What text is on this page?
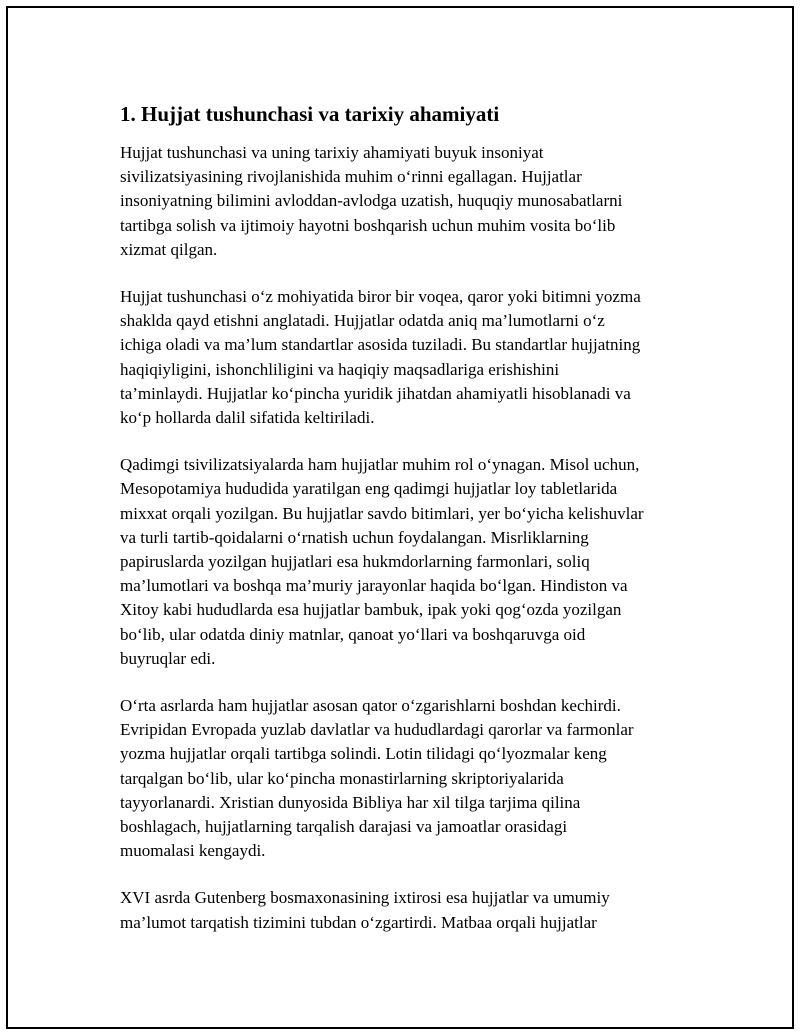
1. Hujjat tushunchasi va tarixiy ahamiyati

Hujjat tushunchasi va uning tarixiy ahamiyati buyuk insoniyat
sivilizatsiyasining rivojlanishida muhim o‘rinni egallagan. Hujjatlar
insoniyatning bilimini avloddan-avlodga uzatish, huquqiy munosabatlarni
tartibga solish va ijtimoiy hayotni boshqarish uchun muhim vosita bo‘lib
xizmat qilgan.

Hujjat tushunchasi o‘z mohiyatida biror bir voqea, qaror yoki bitimni yozma
shaklda qayd etishni anglatadi. Hujjatlar odatda aniq ma’lumotlarni o‘z
ichiga oladi va ma’lum standartlar asosida tuziladi. Bu standartlar hujjatning
haqiqiyligini, ishonchliligini va haqiqiy maqsadlariga erishishini
ta’minlaydi. Hujjatlar ko‘pincha yuridik jihatdan ahamiyatli hisoblanadi va
ko‘p hollarda dalil sifatida keltiriladi.

Qadimgi tsivilizatsiyalarda ham hujjatlar muhim rol o‘ynagan. Misol uchun,
Mesopotamiya hududida yaratilgan eng qadimgi hujjatlar loy tabletlarida
mixxat orqali yozilgan. Bu hujjatlar savdo bitimlari, yer bo‘yicha kelishuvlar
va turli tartib-qoidalarni o‘rnatish uchun foydalangan. Misrliklarning
papiruslarda yozilgan hujjatlari esa hukmdorlarning farmonlari, soliq
ma’lumotlari va boshqa ma’muriy jarayonlar haqida bo‘lgan. Hindiston va
Xitoy kabi hududlarda esa hujjatlar bambuk, ipak yoki qog‘ozda yozilgan
bo‘lib, ular odatda diniy matnlar, qanoat yo‘llari va boshqaruvga oid
buyruqlar edi.

O‘rta asrlarda ham hujjatlar asosan qator o‘zgarishlarni boshdan kechirdi.
Evripidan Evropada yuzlab davlatlar va hududlardagi qarorlar va farmonlar
yozma hujjatlar orqali tartibga solindi. Lotin tilidagi qo‘lyozmalar keng
tarqalgan bo‘lib, ular ko‘pincha monastirlarning skriptoriyalarida
tayyorlanardi. Xristian dunyosida Bibliya har xil tilga tarjima qilina
boshlagach, hujjatlarning tarqalish darajasi va jamoatlar orasidagi
muomalasi kengaydi.

XVI asrda Gutenberg bosmaxonasining ixtirosi esa hujjatlar va umumiy
ma’lumot tarqatish tizimini tubdan o‘zgartirdi. Matbaa orqali hujjatlar
